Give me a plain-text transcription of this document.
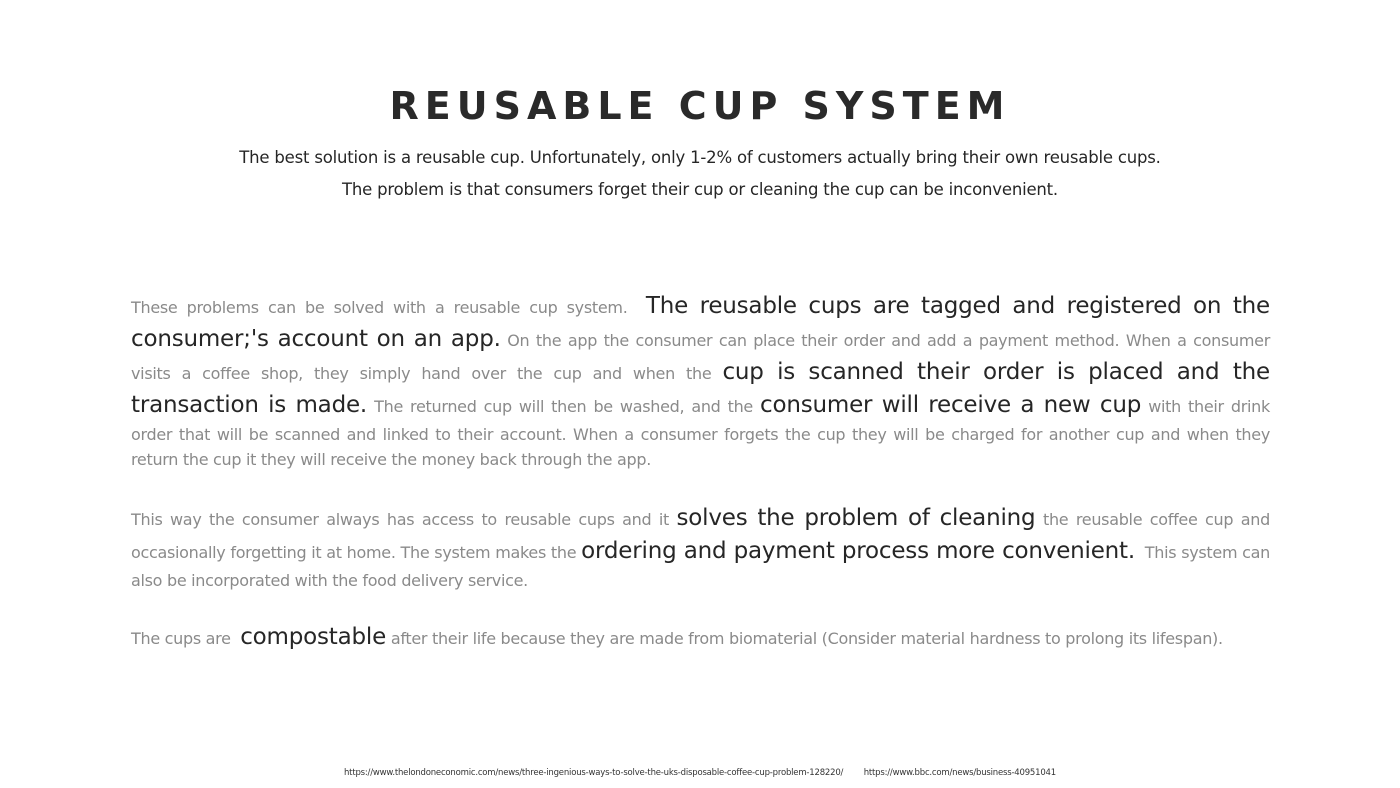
REUSABLE CUP SYSTEM

The best solution is a reusable cup. Unfortunately, only 1-2% of customers actually bring their own reusable cups.

The problem is that consumers forget their cup or cleaning the cup can be inconvenient.

These problems can be solved with a reusable cup system. The reusable cups are tagged and registered on the consumer;'s account on an app. On the app the consumer can place their order and add a payment method. When a consumer visits a coffee shop, they simply hand over the cup and when the cup is scanned their order is placed and the transaction is made. The returned cup will then be washed, and the consumer will receive a new cup with their drink order that will be scanned and linked to their account. When a consumer forgets the cup they will be charged for another cup and when they return the cup it they will receive the money back through the app.

This way the consumer always has access to reusable cups and it solves the problem of cleaning the reusable coffee cup and occasionally forgetting it at home. The system makes the ordering and payment process more convenient. This system can also be incorporated with the food delivery service.

The cups are compostable after their life because they are made from biomaterial (Consider material hardness to prolong its lifespan).

https://www.thelondoneconomic.com/news/three-ingenious-ways-to-solve-the-uks-disposable-coffee-cup-problem-128220/ https://www.bbc.com/news/business-40951041
